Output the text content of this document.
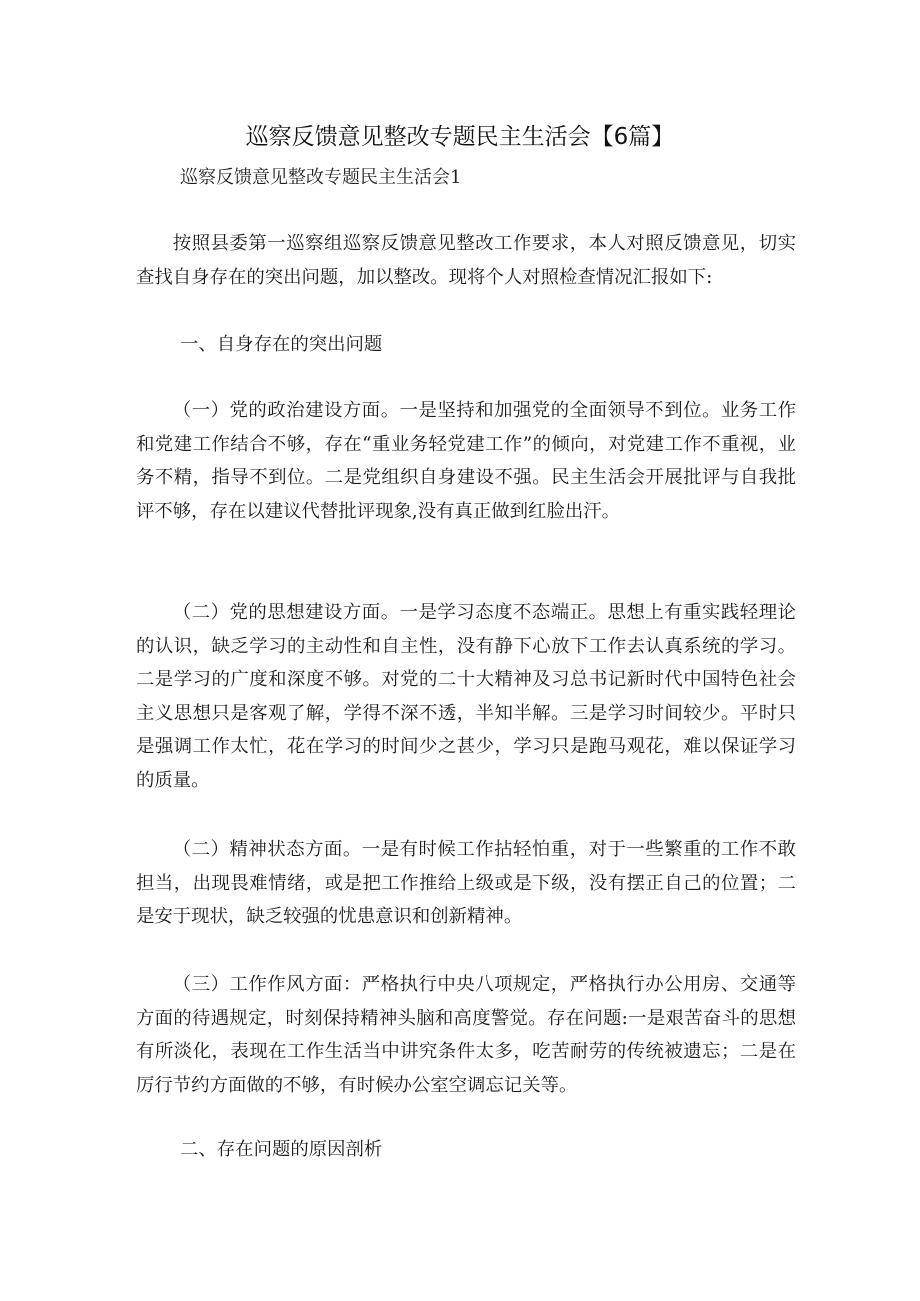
巡察反馈意见整改专题民主生活会【6篇】
巡察反馈意见整改专题民主生活会1

按照县委第一巡察组巡察反馈意见整改工作要求，本人对照反馈意见，切实查找自身存在的突出问题，加以整改。现将个人对照检查情况汇报如下:

一、自身存在的突出问题

（一）党的政治建设方面。一是坚持和加强党的全面领导不到位。业务工作和党建工作结合不够，存在“重业务轻党建工作”的倾向，对党建工作不重视，业务不精，指导不到位。二是党组织自身建设不强。民主生活会开展批评与自我批评不够，存在以建议代替批评现象,没有真正做到红脸出汗。

（二）党的思想建设方面。一是学习态度不态端正。思想上有重实践轻理论的认识，缺乏学习的主动性和自主性，没有静下心放下工作去认真系统的学习。二是学习的广度和深度不够。对党的二十大精神及习总书记新时代中国特色社会主义思想只是客观了解，学得不深不透，半知半解。三是学习时间较少。平时只是强调工作太忙，花在学习的时间少之甚少，学习只是跑马观花，难以保证学习的质量。

（二）精神状态方面。一是有时候工作拈轻怕重，对于一些繁重的工作不敢担当，出现畏难情绪，或是把工作推给上级或是下级，没有摆正自己的位置；二是安于现状，缺乏较强的忧患意识和创新精神。

（三）工作作风方面：严格执行中央八项规定，严格执行办公用房、交通等方面的待遇规定，时刻保持精神头脑和高度警觉。存在问题:一是艰苦奋斗的思想有所淡化，表现在工作生活当中讲究条件太多，吃苦耐劳的传统被遗忘；二是在厉行节约方面做的不够，有时候办公室空调忘记关等。

二、存在问题的原因剖析
